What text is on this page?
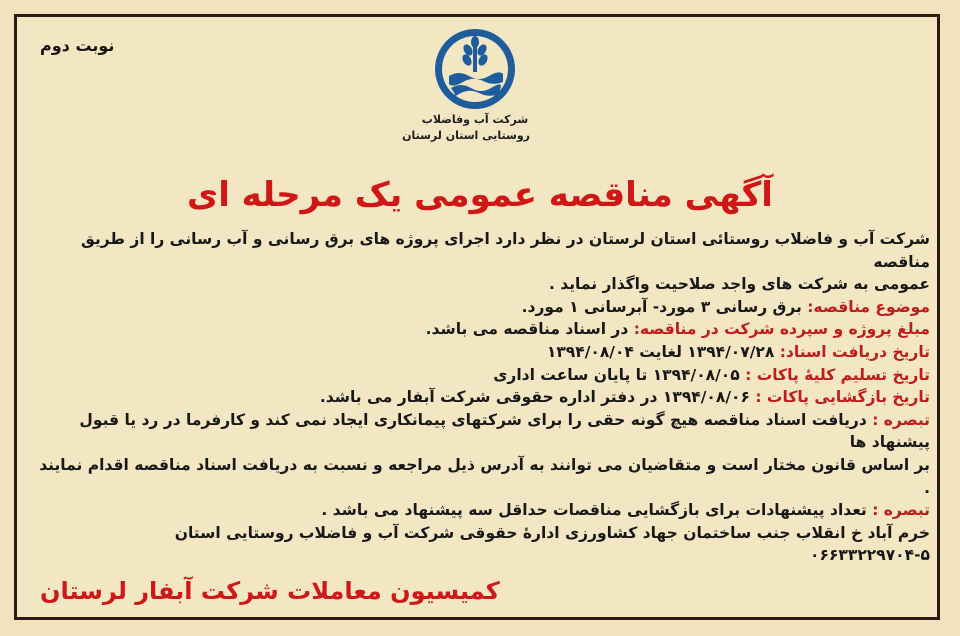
نوبت دوم
شرکت آب وفاضلاب
روستایی استان لرستان
آگهی مناقصه عمومی یک مرحله ای

شرکت آب و فاضلاب روستائی استان لرستان در نظر دارد اجرای پروژه های برق رسانی و آب رسانی را از طریق مناقصه

عمومی به شرکت های واجد صلاحیت واگذار نماید .

موضوع مناقصه: برق رسانی ۳ مورد- آبرسانی ۱ مورد.

مبلغ پروژه و سپرده شرکت در مناقصه: در اسناد مناقصه می باشد.

تاریخ دریافت اسناد: ۱۳۹۴/۰۷/۲۸ لغایت ۱۳۹۴/۰۸/۰۴

تاریخ تسلیم کلیهٔ پاکات : ۱۳۹۴/۰۸/۰۵ تا پایان ساعت اداری

تاریخ بازگشایی پاکات : ۱۳۹۴/۰۸/۰۶ در دفتر اداره حقوقی شرکت آبفار می باشد.

تبصره : دریافت اسناد مناقصه هیچ گونه حقی را برای شرکتهای پیمانکاری ایجاد نمی کند و کارفرما در رد یا قبول پیشنهاد ها

بر اساس قانون مختار است و متقاضیان می توانند به آدرس ذیل مراجعه و نسبت به دریافت اسناد مناقصه اقدام نمایند .

تبصره : تعداد پیشنهادات برای بازگشایی مناقصات حداقل سه پیشنهاد می باشد .

خرم آباد خ انقلاب جنب ساختمان جهاد کشاورزی ادارهٔ حقوقی شرکت آب و فاضلاب روستایی استان

۰۶۶۳۳۲۲۹۷۰۴-۵

کمیسیون معاملات شرکت آبفار لرستان
